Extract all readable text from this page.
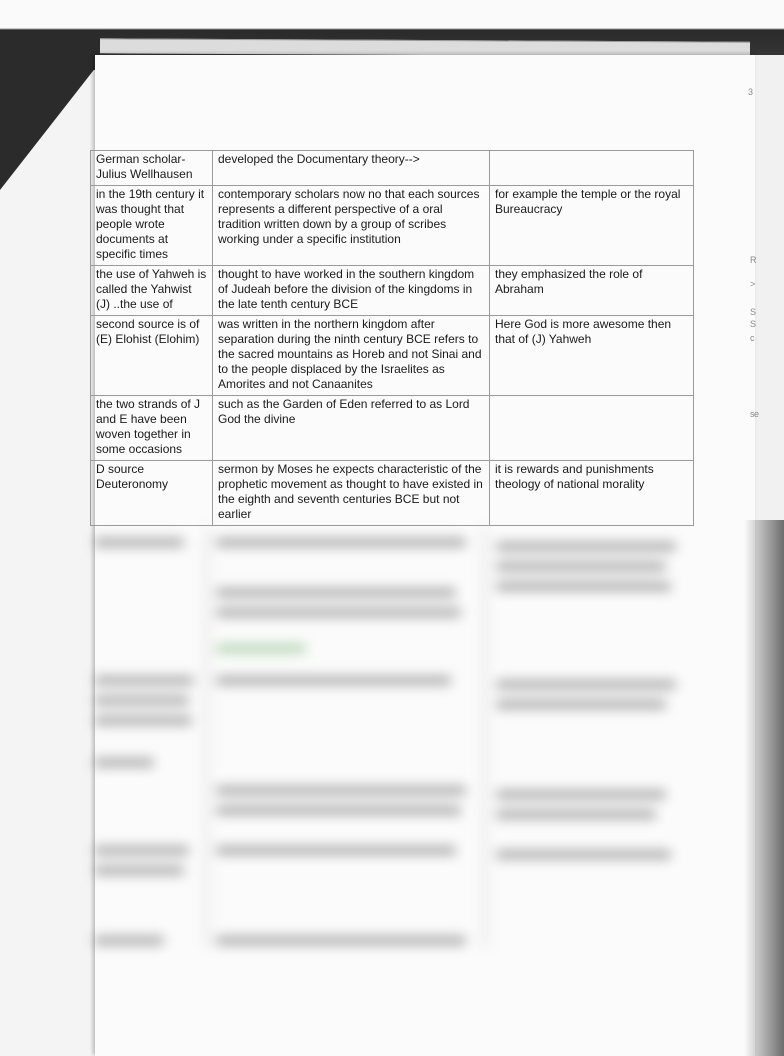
3
R
>
S
S
c
s e
German scholar-Julius Wellhausen	developed the Documentary theory-->	
in the 19th century it was thought that people wrote documents at specific times	contemporary scholars now no that each sources represents a different perspective of a oral tradition written down by a group of scribes working under a specific institution	for example the temple or the royal Bureaucracy
the use of Yahweh is called the Yahwist (J) ..the use of	thought to have worked in the southern kingdom of Judeah before the division of the kingdoms in the late tenth century BCE	they emphasized the role of Abraham
second source is of (E) Elohist (Elohim)	was written in the northern kingdom after separation during the ninth century BCE refers to the sacred mountains as Horeb and not Sinai and to the people displaced by the Israelites as Amorites and not Canaanites	Here God is more awesome then that of (J) Yahweh
the two strands of J and E have been woven together in some occasions	such as the Garden of Eden referred to as Lord God the divine	
D source Deuteronomy	sermon by Moses he expects characteristic of the prophetic movement as thought to have existed in the eighth and seventh centuries BCE but not earlier	it is rewards and punishments theology of national morality
